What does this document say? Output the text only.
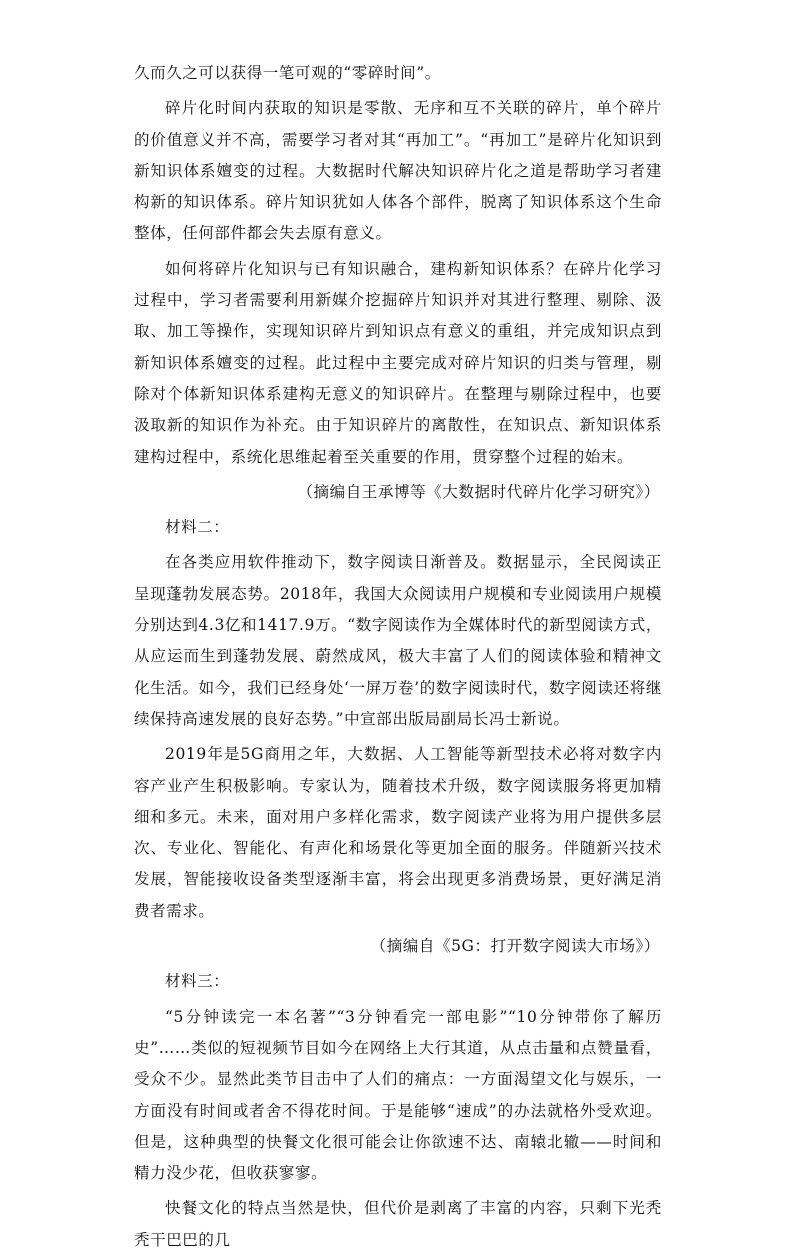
久而久之可以获得一笔可观的“零碎时间”。

碎片化时间内获取的知识是零散、无序和互不关联的碎片，单个碎片的价值意义并不高，需要学习者对其“再加工”。“再加工”是碎片化知识到新知识体系嬗变的过程。大数据时代解决知识碎片化之道是帮助学习者建构新的知识体系。碎片知识犹如人体各个部件，脱离了知识体系这个生命整体，任何部件都会失去原有意义。

如何将碎片化知识与已有知识融合，建构新知识体系？在碎片化学习过程中，学习者需要利用新媒介挖掘碎片知识并对其进行整理、剔除、汲取、加工等操作，实现知识碎片到知识点有意义的重组，并完成知识点到新知识体系嬗变的过程。此过程中主要完成对碎片知识的归类与管理，剔除对个体新知识体系建构无意义的知识碎片。在整理与剔除过程中，也要汲取新的知识作为补充。由于知识碎片的离散性，在知识点、新知识体系建构过程中，系统化思维起着至关重要的作用，贯穿整个过程的始末。

（摘编自王承博等《大数据时代碎片化学习研究》）

材料二：

在各类应用软件推动下，数字阅读日渐普及。数据显示，全民阅读正呈现蓬勃发展态势。2018年，我国大众阅读用户规模和专业阅读用户规模分别达到4.3亿和1417.9万。“数字阅读作为全媒体时代的新型阅读方式，从应运而生到蓬勃发展、蔚然成风，极大丰富了人们的阅读体验和精神文化生活。如今，我们已经身处‘一屏万卷’的数字阅读时代，数字阅读还将继续保持高速发展的良好态势。”中宣部出版局副局长冯士新说。

2019年是5G商用之年，大数据、人工智能等新型技术必将对数字内容产业产生积极影响。专家认为，随着技术升级，数字阅读服务将更加精细和多元。未来，面对用户多样化需求，数字阅读产业将为用户提供多层次、专业化、智能化、有声化和场景化等更加全面的服务。伴随新兴技术发展，智能接收设备类型逐渐丰富，将会出现更多消费场景，更好满足消费者需求。

（摘编自《5G：打开数字阅读大市场》）

材料三：

“5分钟读完一本名著”“3分钟看完一部电影”“10分钟带你了解历史”……类似的短视频节目如今在网络上大行其道，从点击量和点赞量看，受众不少。显然此类节目击中了人们的痛点：一方面渴望文化与娱乐，一方面没有时间或者舍不得花时间。于是能够“速成”的办法就格外受欢迎。但是，这种典型的快餐文化很可能会让你欲速不达、南辕北辙——时间和精力没少花，但收获寥寥。

快餐文化的特点当然是快，但代价是剥离了丰富的内容，只剩下光秃秃干巴巴的几
